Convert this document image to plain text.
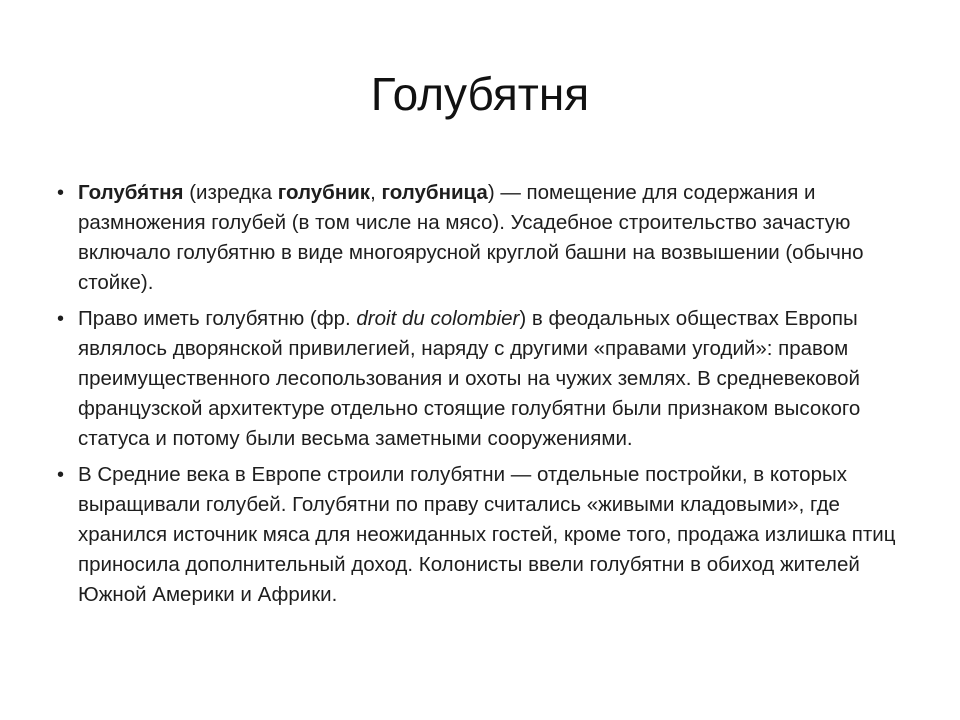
Голубятня
• Голубя́тня (изредка голубник, голубница) — помещение для содержания и размножения голубей (в том числе на мясо). Усадебное строительство зачастую включало голубятню в виде многоярусной круглой башни на возвышении (обычно стойке).
• Право иметь голубятню (фр. droit du colombier) в феодальных обществах Европы являлось дворянской привилегией, наряду с другими «правами угодий»: правом преимущественного лесопользования и охоты на чужих землях. В средневековой французской архитектуре отдельно стоящие голубятни были признаком высокого статуса и потому были весьма заметными сооружениями.
• В Средние века в Европе строили голубятни — отдельные постройки, в которых выращивали голубей. Голубятни по праву считались «живыми кладовыми», где хранился источник мяса для неожиданных гостей, кроме того, продажа излишка птиц приносила дополнительный доход. Колонисты ввели голубятни в обиход жителей Южной Америки и Африки.
